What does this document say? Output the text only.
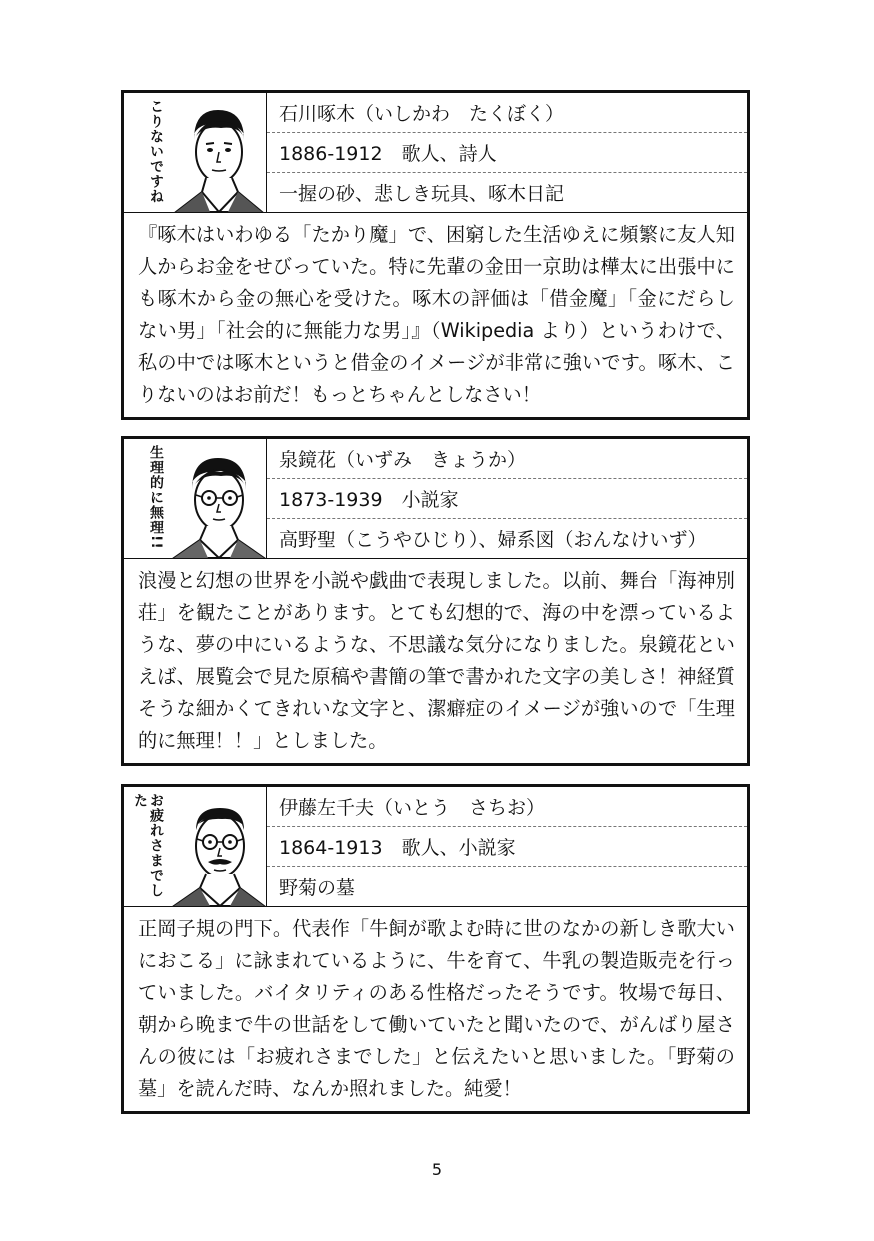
こりないですね	石川啄木（いしかわ　たくぼく）
1886-1912　歌人、詩人
一握の砂、悲しき玩具、啄木日記
『啄木はいわゆる「たかり魔」で、困窮した生活ゆえに頻繁に友人知人からお金をせびっていた。特に先輩の金田一京助は樺太に出張中にも啄木から金の無心を受けた。啄木の評価は「借金魔」「金にだらしない男」「社会的に無能力な男」』（Wikipedia より）というわけで、私の中では啄木というと借金のイメージが非常に強いです。啄木、こりないのはお前だ！もっとちゃんとしなさい！
生理的に無理!!	泉鏡花（いずみ　きょうか）
1873-1939　小説家
高野聖（こうやひじり）、婦系図（おんなけいず）
浪漫と幻想の世界を小説や戯曲で表現しました。以前、舞台「海神別荘」を観たことがあります。とても幻想的で、海の中を漂っているような、夢の中にいるような、不思議な気分になりました。泉鏡花といえば、展覧会で見た原稿や書簡の筆で書かれた文字の美しさ！神経質そうな細かくてきれいな文字と、潔癖症のイメージが強いので「生理的に無理！！」としました。
お疲れさまでした	伊藤左千夫（いとう　さちお）
1864-1913　歌人、小説家
野菊の墓
正岡子規の門下。代表作「牛飼が歌よむ時に世のなかの新しき歌大いにおこる」に詠まれているように、牛を育て、牛乳の製造販売を行っていました。バイタリティのある性格だったそうです。牧場で毎日、朝から晩まで牛の世話をして働いていたと聞いたので、がんばり屋さんの彼には「お疲れさまでした」と伝えたいと思いました。「野菊の墓」を読んだ時、なんか照れました。純愛！
5
